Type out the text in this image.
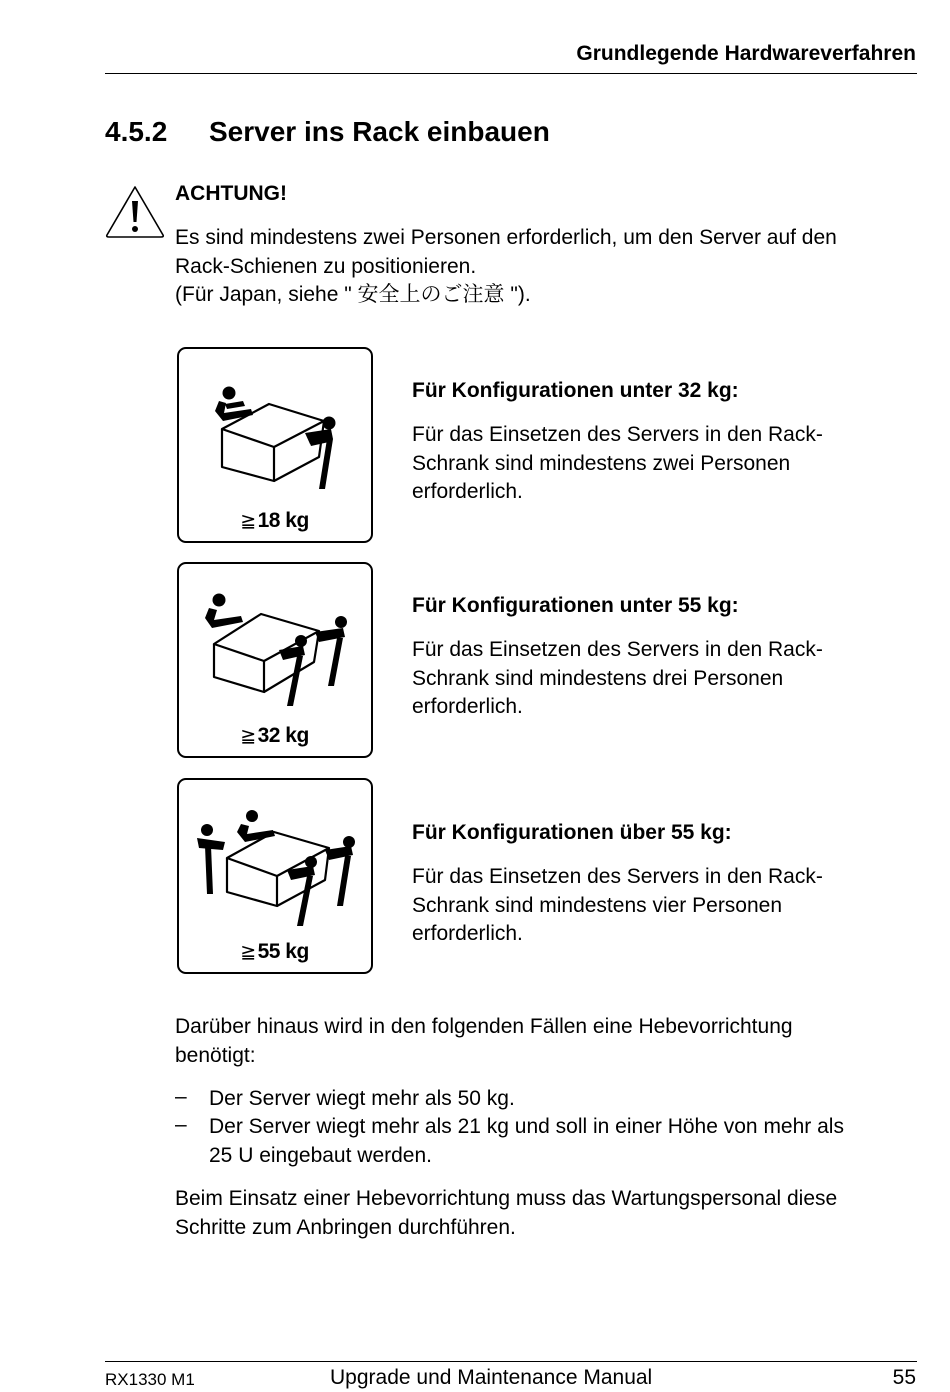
Grundlegende Hardwareverfahren
4.5.2 Server ins Rack einbauen
ACHTUNG!
Es sind mindestens zwei Personen erforderlich, um den Server auf den
Rack-Schienen zu positionieren.
(Für Japan, siehe " 安全上のご注意 ").
≧18 kg
Für Konfigurationen unter 32 kg:
Für das Einsetzen des Servers in den Rack-
Schrank sind mindestens zwei Personen
erforderlich.
≧32 kg
Für Konfigurationen unter 55 kg:
Für das Einsetzen des Servers in den Rack-
Schrank sind mindestens drei Personen
erforderlich.
≧55 kg
Für Konfigurationen über 55 kg:
Für das Einsetzen des Servers in den Rack-
Schrank sind mindestens vier Personen
erforderlich.
Darüber hinaus wird in den folgenden Fällen eine Hebevorrichtung
benötigt:
– Der Server wiegt mehr als 50 kg.
– Der Server wiegt mehr als 21 kg und soll in einer Höhe von mehr als
25 U eingebaut werden.
Beim Einsatz einer Hebevorrichtung muss das Wartungspersonal diese
Schritte zum Anbringen durchführen.
RX1330 M1	Upgrade und Maintenance Manual	55
